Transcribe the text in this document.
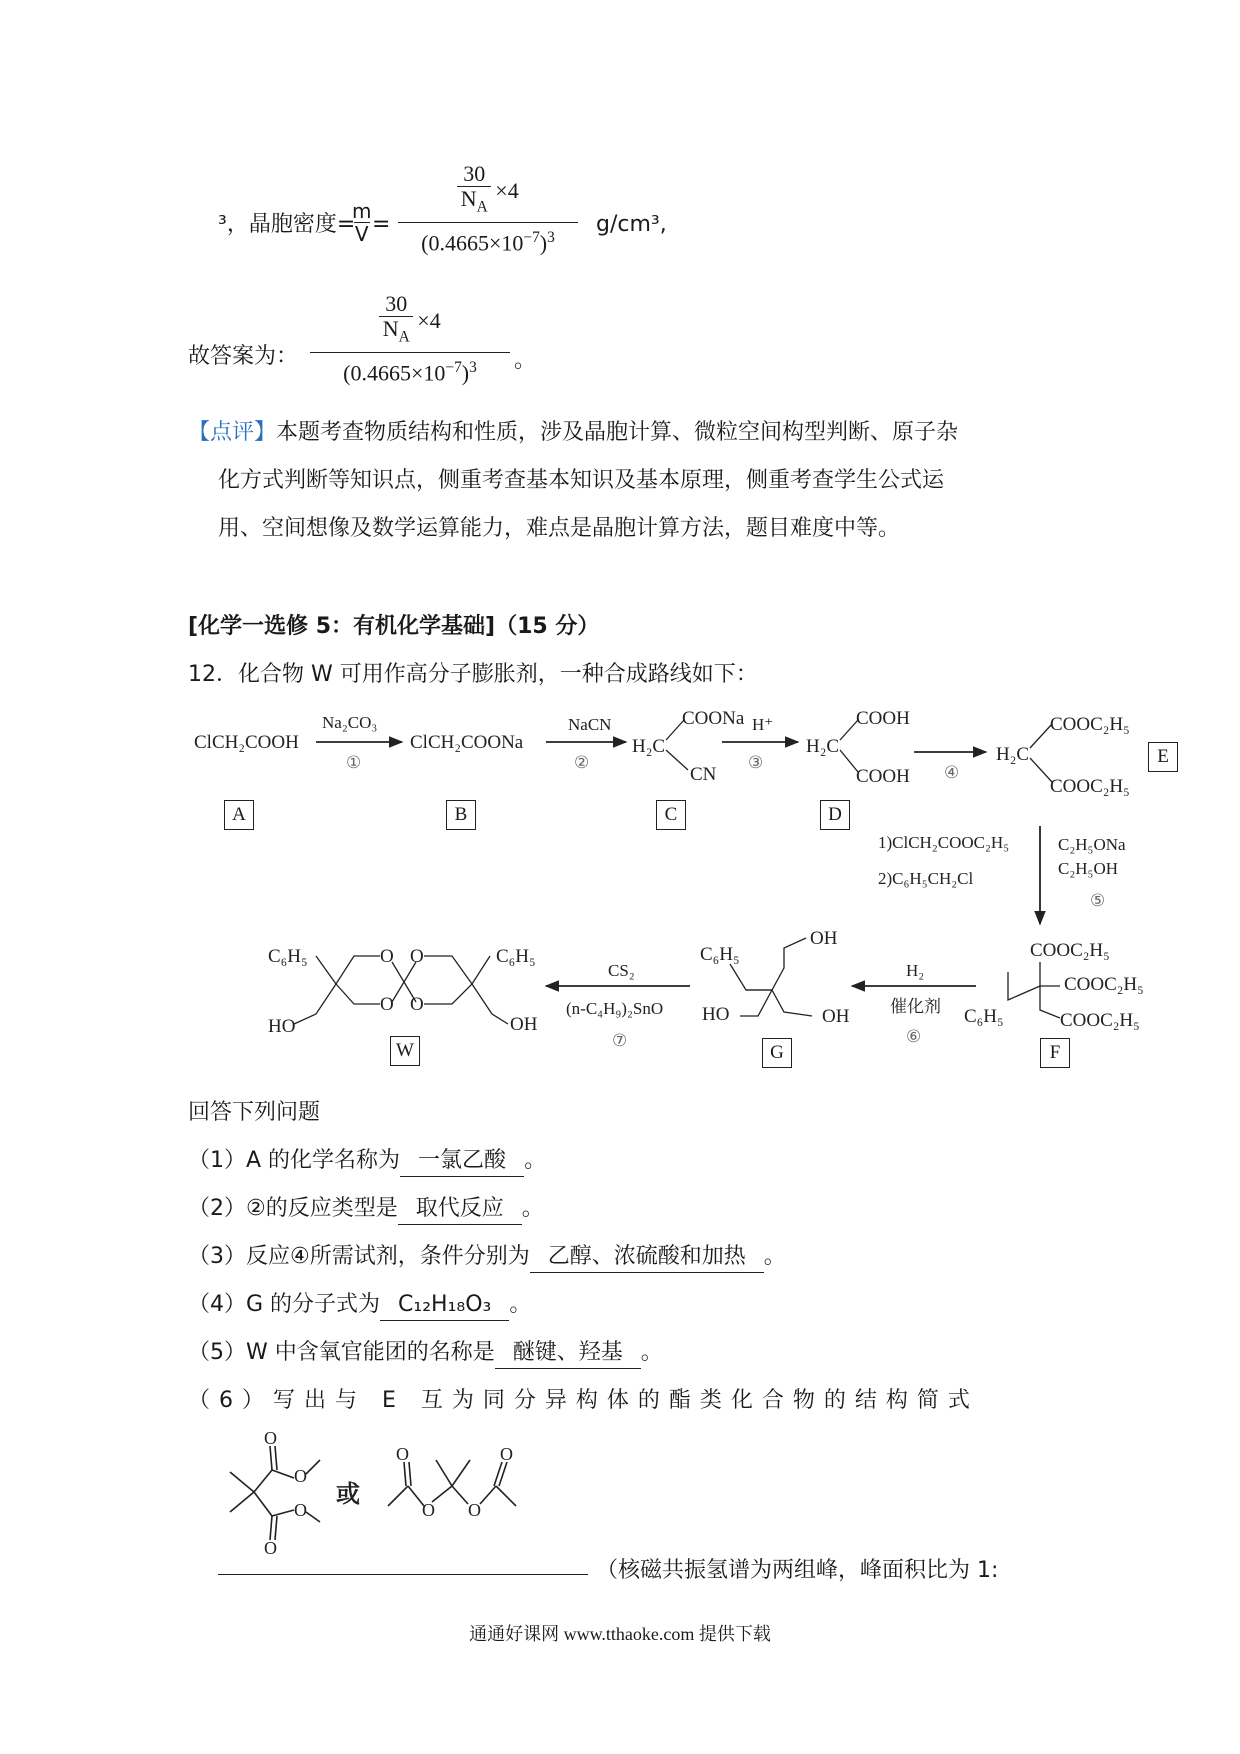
³，晶胞密度=
m
V =
30
$N_A$
×4
$(0.4665\times 10^{-7})^3$
g/cm³,
故答案为：
30
$N_A$
×4
$(0.4665\times 10^{-7})^3$ 。
【点评】本题考查物质结构和性质，涉及晶胞计算、微粒空间构型判断、原子杂
化方式判断等知识点，侧重考查基本知识及基本原理，侧重考查学生公式运
用、空间想像及数学运算能力，难点是晶胞计算方法，题目难度中等。
[化学一选修 5：有机化学基础]（15 分）
12．化合物 W 可用作高分子膨胀剂，一种合成路线如下：
ClCH₂COOH
Na₂CO₃
①
ClCH₂COONa
NaCN
②
COONa
H₂C
CN
H⁺
③
COOH
H₂C
COOH ④
COOC₂H₅
H₂C
COOC₂H₅
1)ClCH₂COOC₂H₅
2)C₆H₅CH₂Cl
C₂H₅ONa
C₂H₅OH
⑤
COOC₂H₅
COOC₂H₅
C₆H₅	COOC₂H₅
H₂
催化剂
⑥
C₆H₅
OH
HO	OH
CS₂
(n-C₄H₉)₂SnO
⑦
C₆H₅	C₆H₅
HO	OH
O O
O O
A	B	C	D
E
F
G
W
回答下列问题
（1）A 的化学名称为 一氯乙酸 。
（2）②的反应类型是 取代反应 。
（3）反应④所需试剂，条件分别为 乙醇、浓硫酸和加热 。
（4）G 的分子式为 C₁₂H₁₈O₃ 。
（5）W 中含氧官能团的名称是 醚键、羟基 。
（6）写出与 E 互为同分异构体的酯类化合物的结构简式
O
O
O
O
O
O O
O
或
（核磁共振氢谱为两组峰，峰面积比为 1:
通通好课网 www.tthaoke.com 提供下载
